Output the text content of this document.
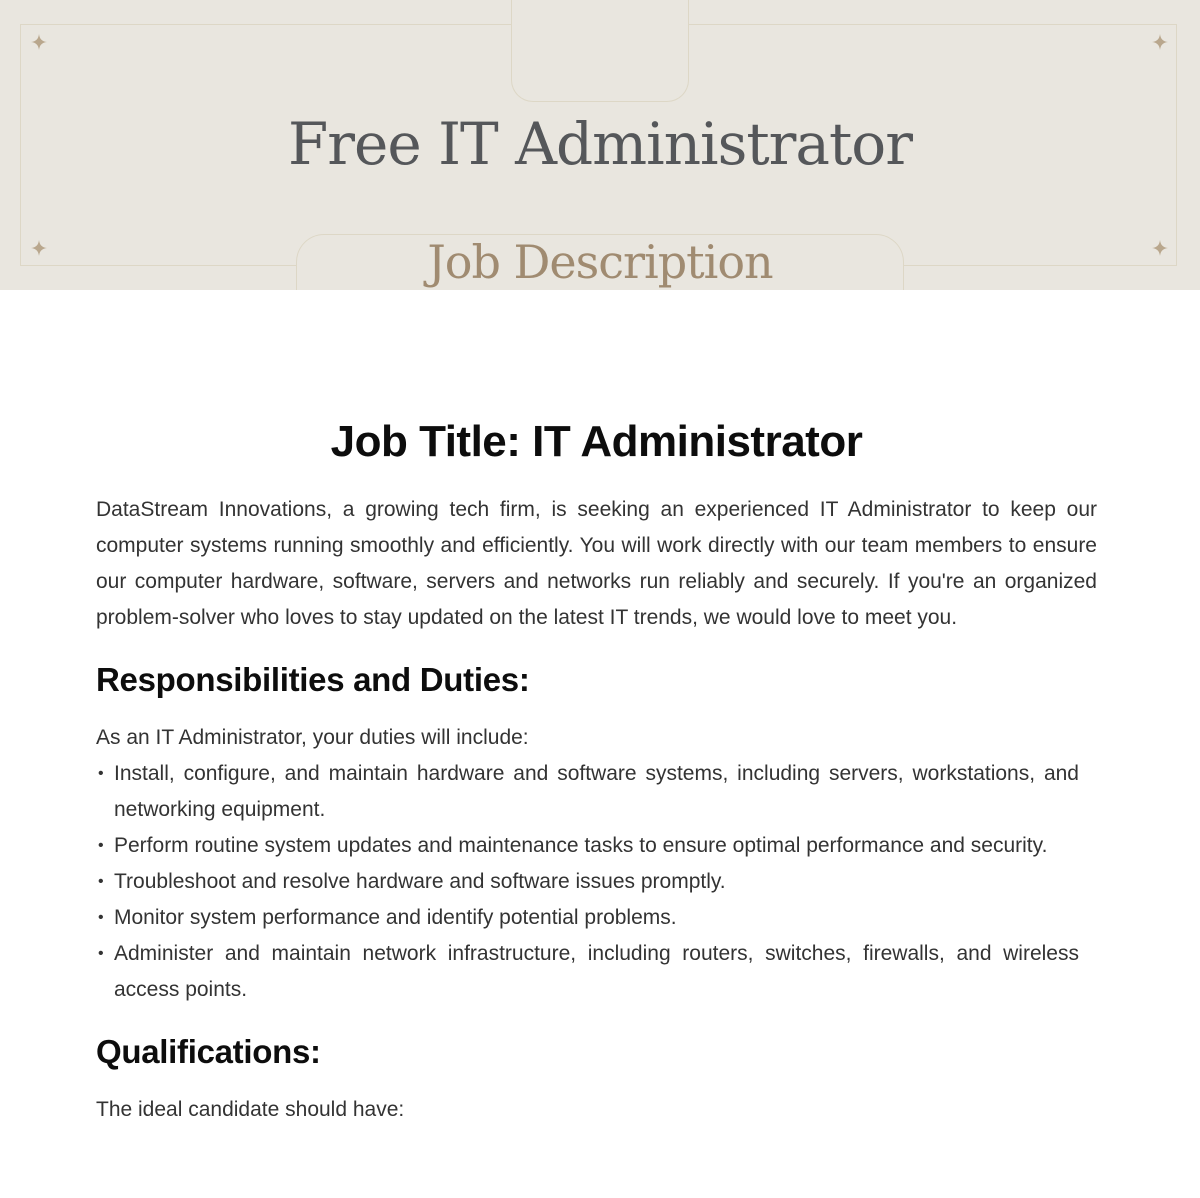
Free IT Administrator
Job Description
Job Title: IT Administrator

DataStream Innovations, a growing tech firm, is seeking an experienced IT Administrator to keep our computer systems running smoothly and efficiently. You will work directly with our team members to ensure our computer hardware, software, servers and networks run reliably and securely. If you're an organized problem-solver who loves to stay updated on the latest IT trends, we would love to meet you.

Responsibilities and Duties:

As an IT Administrator, your duties will include:

• Install, configure, and maintain hardware and software systems, including servers, workstations, and networking equipment.
• Perform routine system updates and maintenance tasks to ensure optimal performance and security.
• Troubleshoot and resolve hardware and software issues promptly.
• Monitor system performance and identify potential problems.
• Administer and maintain network infrastructure, including routers, switches, firewalls, and wireless access points.
Qualifications:

The ideal candidate should have:
